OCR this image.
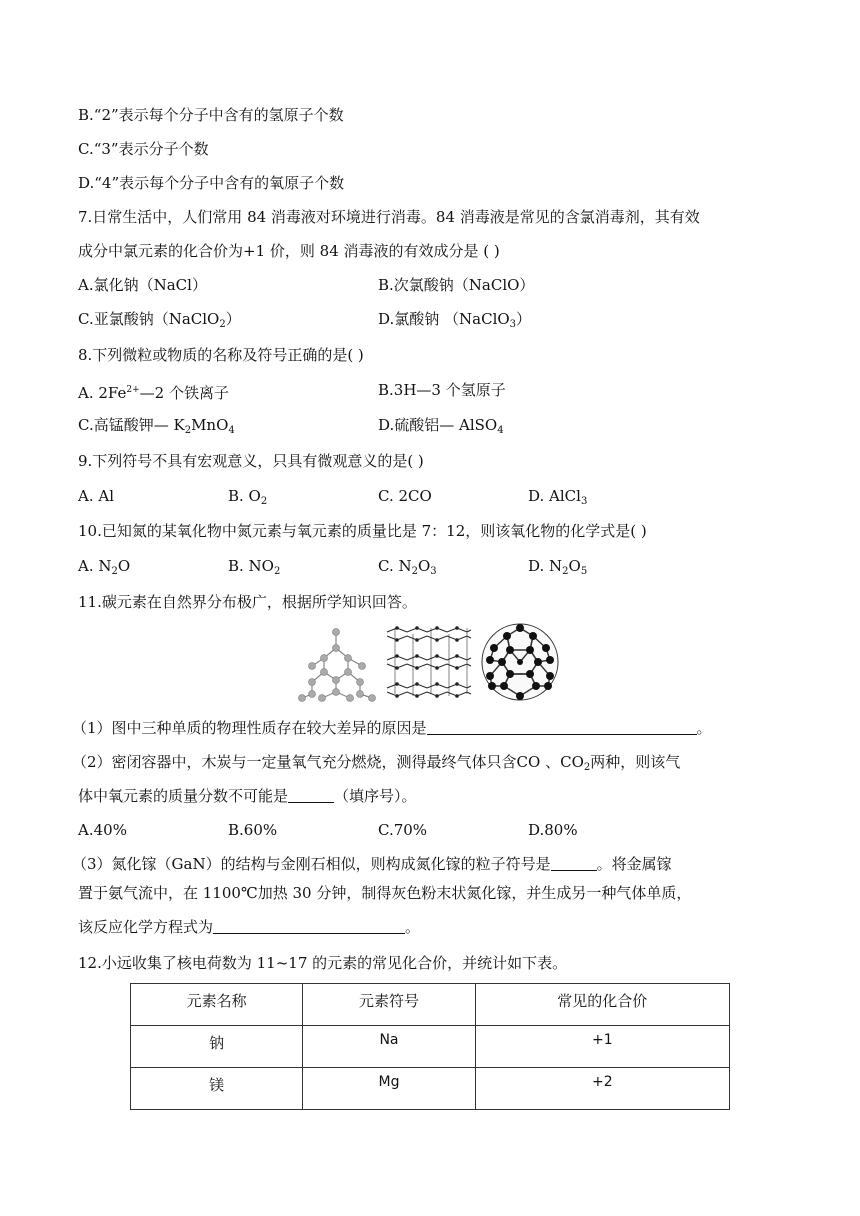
B.“2”表示每个分子中含有的氢原子个数
C.“3”表示分子个数
D.“4”表示每个分子中含有的氧原子个数
7.日常生活中，人们常用 84 消毒液对环境进行消毒。84 消毒液是常见的含氯消毒剂，其有效
成分中氯元素的化合价为+1 价，则 84 消毒液的有效成分是 ( )
A.氯化钠（NaCl）	B.次氯酸钠（NaClO）
C.亚氯酸钠（NaClO$_2$）	D.氯酸钠 （NaClO$_3$）
8.下列微粒或物质的名称及符号正确的是( )
A. $2Fe^{2+}—2$ 个铁离子	B.3H—3 个氢原子
C.高锰酸钾— $K_2MnO_4$	D.硫酸铝— AlSO$_4$
9.下列符号不具有宏观意义，只具有微观意义的是( )
A. Al	B. $O_2$	C. 2CO	D. AlCl$_3$
10.已知氮的某氧化物中氮元素与氧元素的质量比是 7：12，则该氧化物的化学式是( )
A. $N_2O$	B. $NO_2$	C. $N_2O_3$	D. $N_2O_5$
11.碳元素在自然界分布极广，根据所学知识回答。
（1）图中三种单质的物理性质存在较大差异的原因是	。
（2）密闭容器中，木炭与一定量氧气充分燃烧，测得最终气体只含CO 、$CO_2$两种，则该气
体中氧元素的质量分数不可能是	（填序号）。
A.40%	B.60%	C.70%	D.80%
（3）氮化镓（GaN）的结构与金刚石相似，则构成氮化镓的粒子符号是	。将金属镓
置于氨气流中，在 1100℃加热 30 分钟，制得灰色粉末状氮化镓，并生成另一种气体单质，
该反应化学方程式为	。
12.小远收集了核电荷数为 11~17 的元素的常见化合价，并统计如下表。
元素名称	元素符号	常见的化合价
钠	Na	+1
镁	Mg	+2
